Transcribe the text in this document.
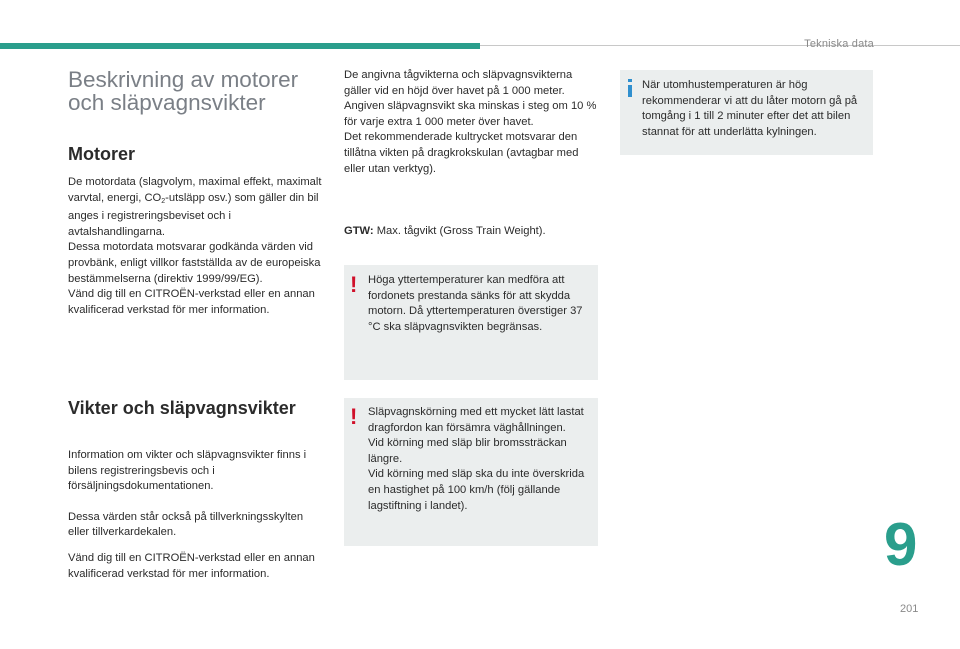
Tekniska data
Beskrivning av motorer och släpvagnsvikter
Motorer

De motordata (slagvolym, maximal effekt, maximalt varvtal, energi, $CO_2$-utsläpp osv.) som gäller din bil anges i registreringsbeviset och i avtalshandlingarna.

Dessa motordata motsvarar godkända värden vid provbänk, enligt villkor fastställda av de europeiska bestämmelserna (direktiv 1999/99/EG).

Vänd dig till en CITROËN-verkstad eller en annan kvalificerad verkstad för mer information.

Vikter och släpvagnsvikter

Information om vikter och släpvagnsvikter finns i bilens registreringsbevis och i försäljningsdokumentationen.

Dessa värden står också på tillverkningsskylten eller tillverkardekalen.

Vänd dig till en CITROËN-verkstad eller en annan kvalificerad verkstad för mer information.

De angivna tågvikterna och släpvagnsvikterna gäller vid en höjd över havet på 1 000 meter. Angiven släpvagnsvikt ska minskas i steg om 10 % för varje extra 1 000 meter över havet.

Det rekommenderade kultrycket motsvarar den tillåtna vikten på dragkrokskulan (avtagbar med eller utan verktyg).

GTW: Max. tågvikt (Gross Train Weight).

! Höga yttertemperaturer kan medföra att fordonets prestanda sänks för att skydda motorn. Då yttertemperaturen överstiger 37 °C ska släpvagnsvikten begränsas.
! Släpvagnskörning med ett mycket lätt lastat dragfordon kan försämra väghållningen.

Vid körning med släp blir bromssträckan längre.

Vid körning med släp ska du inte överskrida en hastighet på 100 km/h (följ gällande lagstiftning i landet).

När utomhustemperaturen är hög rekommenderar vi att du låter motorn gå på tomgång i 1 till 2 minuter efter det att bilen stannat för att underlätta kylningen.
9
201
